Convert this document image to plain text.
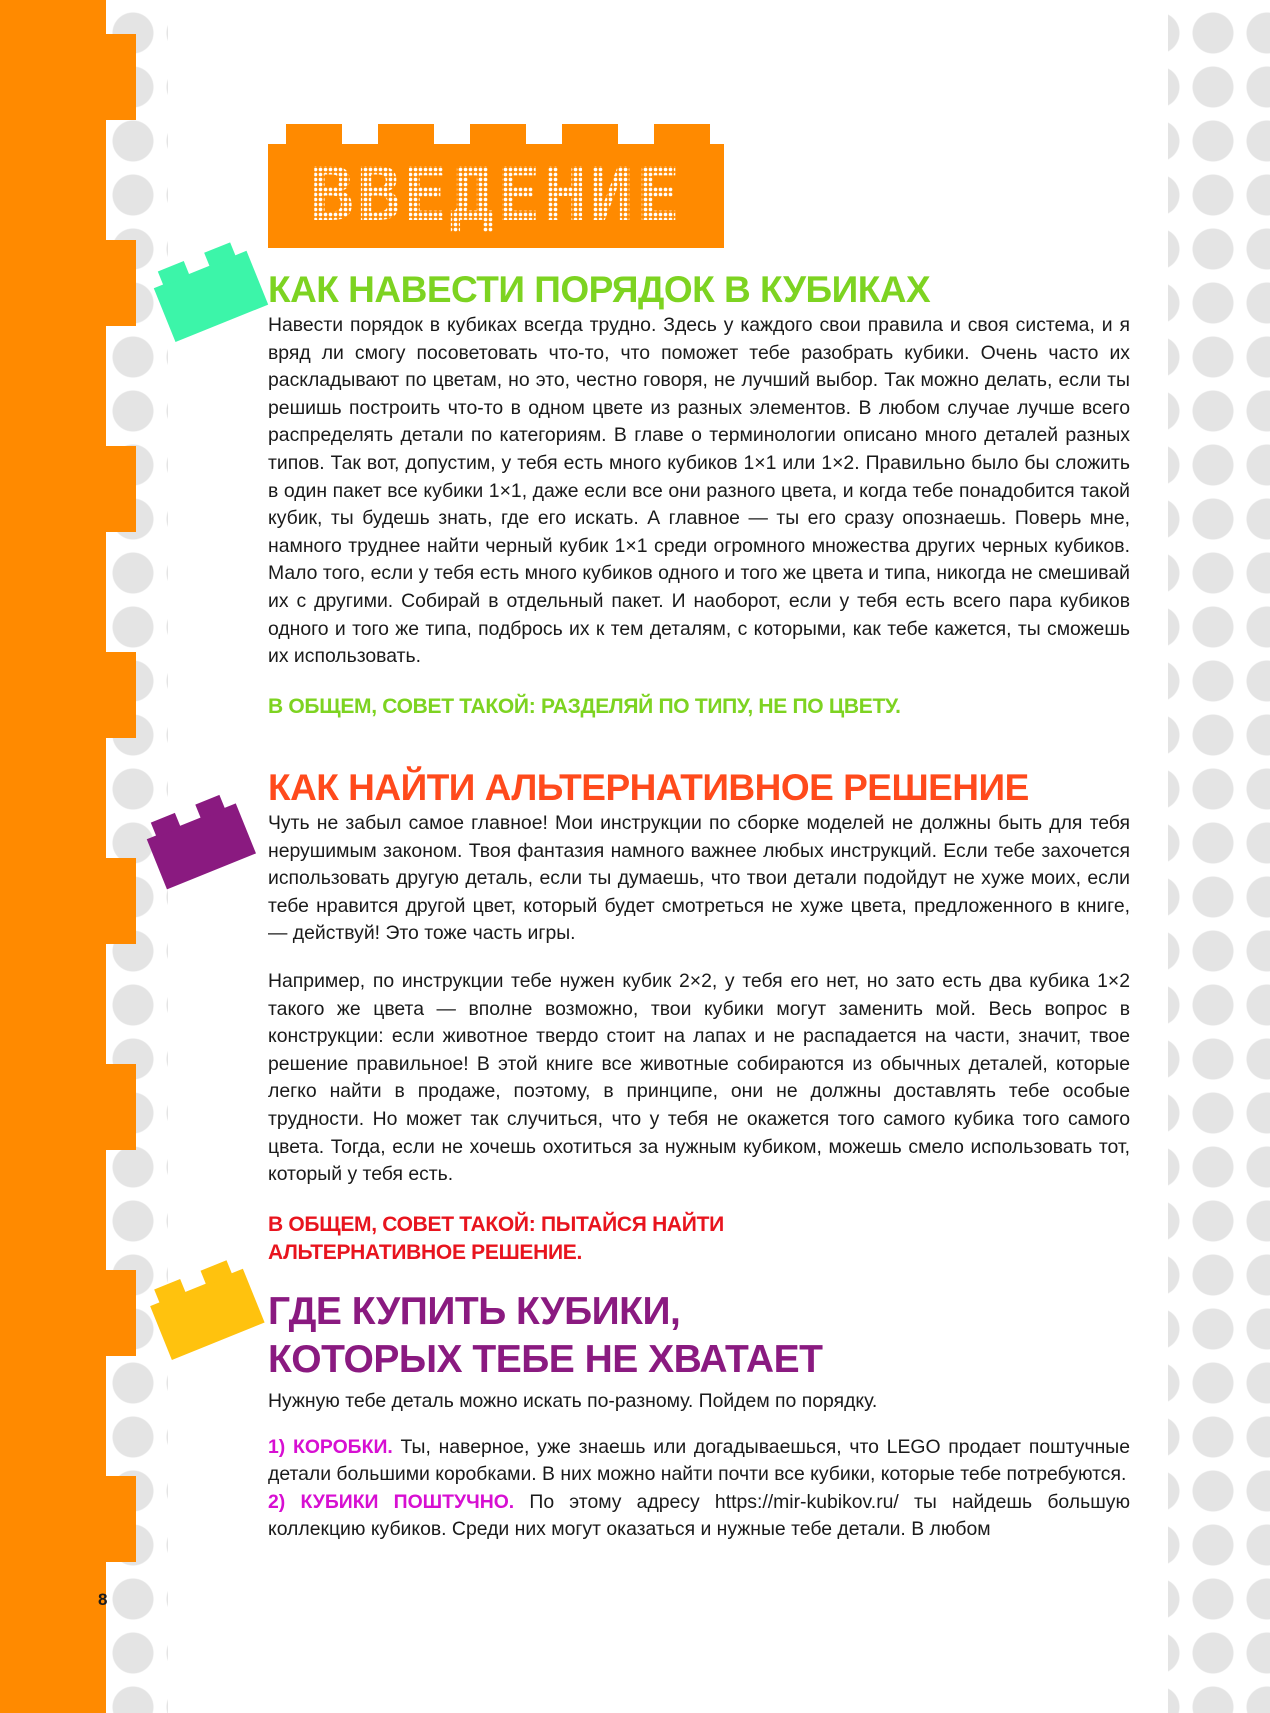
ВВЕДЕНИЕ
КАК НАВЕСТИ ПОРЯДОК В КУБИКАХ

Навести порядок в кубиках всегда трудно. Здесь у каждого свои правила и своя система, и я вряд ли смогу посоветовать что-то, что поможет тебе разобрать кубики. Очень часто их раскладывают по цветам, но это, честно говоря, не лучший выбор. Так можно делать, если ты решишь построить что-то в одном цвете из разных элементов. В любом случае лучше всего распределять детали по категориям. В главе о терминологии описано много деталей разных типов. Так вот, допустим, у тебя есть много кубиков 1×1 или 1×2. Правильно было бы сложить в один пакет все кубики 1×1, даже если все они разного цвета, и когда тебе понадобится такой кубик, ты будешь знать, где его искать. А главное — ты его сразу опознаешь. Поверь мне, намного труднее найти черный кубик 1×1 среди огромного множества других черных кубиков. Мало того, если у тебя есть много кубиков одного и того же цвета и типа, никогда не смешивай их с другими. Собирай в отдельный пакет. И наоборот, если у тебя есть всего пара кубиков одного и того же типа, подбрось их к тем деталям, с которыми, как тебе кажется, ты сможешь их использовать.

В ОБЩЕМ, СОВЕТ ТАКОЙ: РАЗДЕЛЯЙ ПО ТИПУ, НЕ ПО ЦВЕТУ.

КАК НАЙТИ АЛЬТЕРНАТИВНОЕ РЕШЕНИЕ

Чуть не забыл самое главное! Мои инструкции по сборке моделей не должны быть для тебя нерушимым законом. Твоя фантазия намного важнее любых инструкций. Если тебе захочется использовать другую деталь, если ты думаешь, что твои детали подойдут не хуже моих, если тебе нравится другой цвет, который будет смотреться не хуже цвета, предложенного в книге, — действуй! Это тоже часть игры.

Например, по инструкции тебе нужен кубик 2×2, у тебя его нет, но зато есть два кубика 1×2 такого же цвета — вполне возможно, твои кубики могут заменить мой. Весь вопрос в конструкции: если животное твердо стоит на лапах и не распадается на части, значит, твое решение правильное! В этой книге все животные собираются из обычных деталей, которые легко найти в продаже, поэтому, в принципе, они не должны доставлять тебе особые трудности. Но может так случиться, что у тебя не окажется того самого кубика того самого цвета. Тогда, если не хочешь охотиться за нужным кубиком, можешь смело использовать тот, который у тебя есть.

В ОБЩЕМ, СОВЕТ ТАКОЙ: ПЫТАЙСЯ НАЙТИ
АЛЬТЕРНАТИВНОЕ РЕШЕНИЕ.

ГДЕ КУПИТЬ КУБИКИ,
КОТОРЫХ ТЕБЕ НЕ ХВАТАЕТ

Нужную тебе деталь можно искать по-разному. Пойдем по порядку.

1) КОРОБКИ. Ты, наверное, уже знаешь или догадываешься, что LEGO продает поштучные детали большими коробками. В них можно найти почти все кубики, которые тебе потребуются.

2) КУБИКИ ПОШТУЧНО. По этому адресу https://mir-kubikov.ru/ ты найдешь большую коллекцию кубиков. Среди них могут оказаться и нужные тебе детали. В любом

8
